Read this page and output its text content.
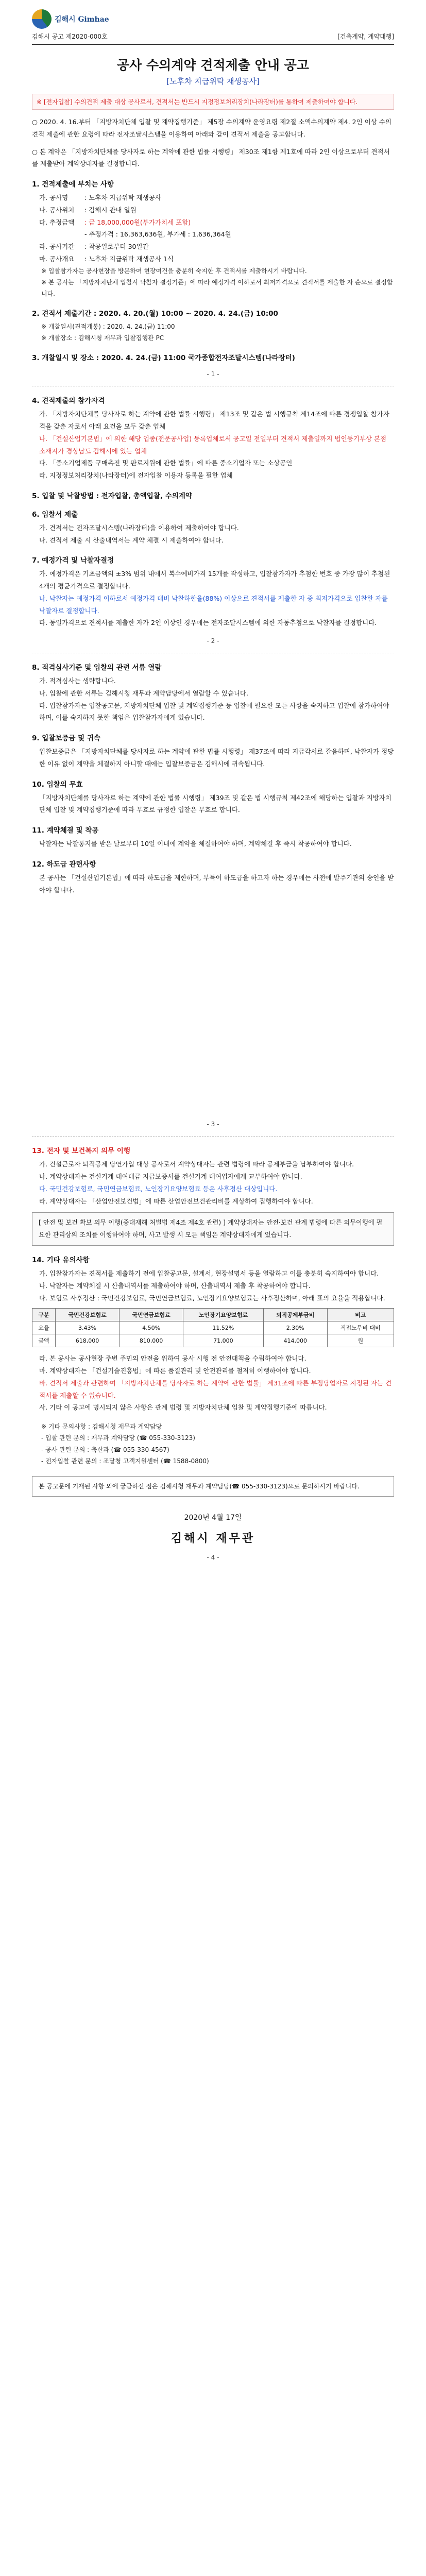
김해시 Gimhae
김해시 공고 제2020-000호	[건축계약, 계약대행]
공사 수의계약 견적제출 안내 공고
[노후차 지급위탁 재생공사]
※ [전자입찰] 수의견적 제출 대상 공사로서, 견적서는 반드시 지정정보처리장치(나라장터)를 통하여 제출하여야 합니다.
○ 2020. 4. 16.부터 「지방자치단체 입찰 및 계약집행기준」 제5장 수의계약 운영요령 제2절 소액수의계약 제4. 2인 이상 수의견적 제출에 관한 요령에 따라 전자조달시스템을 이용하여 아래와 같이 견적서 제출을 공고합니다.
○ 본 계약은 「지방자치단체를 당사자로 하는 계약에 관한 법률 시행령」 제30조 제1항 제1호에 따라 2인 이상으로부터 견적서를 제출받아 계약상대자를 결정합니다.
1. 견적제출에 부치는 사항
가. 공사명	: 노후차 지급위탁 재생공사
나. 공사위치 : 김해시 관내 일원
다. 추정금액 : 금 18,000,000원(부가가치세 포함)
- 추정가격 : 16,363,636원, 부가세 : 1,636,364원
라. 공사기간 : 착공일로부터 30일간
마. 공사개요 : 노후차 지급위탁 재생공사 1식
※ 입찰참가자는 공사현장을 방문하여 현장여건을 충분히 숙지한 후 견적서를 제출하시기 바랍니다.
※ 본 공사는 「지방자치단체 입찰시 낙찰자 결정기준」에 따라 예정가격 이하로서 최저가격으로 견적서를 제출한 자 순으로 결정합니다.
2. 견적서 제출기간 : 2020. 4. 20.(월) 10:00 ~ 2020. 4. 24.(금) 10:00
※ 개찰일시(견적개봉) : 2020. 4. 24.(금) 11:00
※ 개찰장소 : 김해시청 재무과 입찰집행관 PC
3. 개찰일시 및 장소 : 2020. 4. 24.(금) 11:00 국가종합전자조달시스템(나라장터)
- 1 -
4. 견적제출의 참가자격
가. 「지방자치단체를 당사자로 하는 계약에 관한 법률 시행령」 제13조 및 같은 법 시행규칙 제14조에 따른 경쟁입찰 참가자격을 갖춘 자로서 아래 요건을 모두 갖춘 업체
나. 「건설산업기본법」에 의한 해당 업종(전문공사업) 등록업체로서 공고일 전일부터 견적서 제출일까지 법인등기부상 본점 소재지가 경상남도 김해시에 있는 업체
다. 「중소기업제품 구매촉진 및 판로지원에 관한 법률」에 따른 중소기업자 또는 소상공인
라. 지정정보처리장치(나라장터)에 전자입찰 이용자 등록을 필한 업체
5. 입찰 및 낙찰방법 : 전자입찰, 총액입찰, 수의계약
6. 입찰서 제출
가. 견적서는 전자조달시스템(나라장터)을 이용하여 제출하여야 합니다.
나. 견적서 제출 시 산출내역서는 계약 체결 시 제출하여야 합니다.
7. 예정가격 및 낙찰자결정
가. 예정가격은 기초금액의 ±3% 범위 내에서 복수예비가격 15개를 작성하고, 입찰참가자가 추첨한 번호 중 가장 많이 추첨된 4개의 평균가격으로 결정합니다.
나. 낙찰자는 예정가격 이하로서 예정가격 대비 낙찰하한율(88%) 이상으로 견적서를 제출한 자 중 최저가격으로 입찰한 자를 낙찰자로 결정합니다.
다. 동일가격으로 견적서를 제출한 자가 2인 이상인 경우에는 전자조달시스템에 의한 자동추첨으로 낙찰자를 결정합니다.
- 2 -
8. 적격심사기준 및 입찰의 관련 서류 열람
가. 적격심사는 생략합니다.
나. 입찰에 관한 서류는 김해시청 재무과 계약담당에서 열람할 수 있습니다.
다. 입찰참가자는 입찰공고문, 지방자치단체 입찰 및 계약집행기준 등 입찰에 필요한 모든 사항을 숙지하고 입찰에 참가하여야 하며, 이를 숙지하지 못한 책임은 입찰참가자에게 있습니다.
9. 입찰보증금 및 귀속
입찰보증금은 「지방자치단체를 당사자로 하는 계약에 관한 법률 시행령」 제37조에 따라 지급각서로 갈음하며, 낙찰자가 정당한 이유 없이 계약을 체결하지 아니할 때에는 입찰보증금은 김해시에 귀속됩니다.
10. 입찰의 무효
「지방자치단체를 당사자로 하는 계약에 관한 법률 시행령」 제39조 및 같은 법 시행규칙 제42조에 해당하는 입찰과 지방자치단체 입찰 및 계약집행기준에 따라 무효로 규정한 입찰은 무효로 합니다.
11. 계약체결 및 착공
낙찰자는 낙찰통지를 받은 날로부터 10일 이내에 계약을 체결하여야 하며, 계약체결 후 즉시 착공하여야 합니다.
12. 하도급 관련사항
본 공사는 「건설산업기본법」에 따라 하도급을 제한하며, 부득이 하도급을 하고자 하는 경우에는 사전에 발주기관의 승인을 받아야 합니다.
- 3 -
13. 전자 및 보건복지 의무 이행
가. 건설근로자 퇴직공제 당연가입 대상 공사로서 계약상대자는 관련 법령에 따라 공제부금을 납부하여야 합니다.
나. 계약상대자는 건설기계 대여대금 지급보증서를 건설기계 대여업자에게 교부하여야 합니다.
다. 국민건강보험료, 국민연금보험료, 노인장기요양보험료 등은 사후정산 대상입니다.
라. 계약상대자는 「산업안전보건법」에 따른 산업안전보건관리비를 계상하여 집행하여야 합니다.
[ 안전 및 보건 확보 의무 이행(중대재해 처벌법 제4조 제4호 관련) ] 계약상대자는 안전·보건 관계 법령에 따른 의무이행에 필요한 관리상의 조치를 이행하여야 하며, 사고 발생 시 모든 책임은 계약상대자에게 있습니다.
14. 기타 유의사항
가. 입찰참가자는 견적서를 제출하기 전에 입찰공고문, 설계서, 현장설명서 등을 열람하고 이를 충분히 숙지하여야 합니다.
나. 낙찰자는 계약체결 시 산출내역서를 제출하여야 하며, 산출내역서 제출 후 착공하여야 합니다.
다. 보험료 사후정산 : 국민건강보험료, 국민연금보험료, 노인장기요양보험료는 사후정산하며, 아래 표의 요율을 적용합니다.
구분	국민건강보험료	국민연금보험료	노인장기요양보험료	퇴직공제부금비	비고
요율	3.43%	4.50%	11.52%	2.30%	직접노무비 대비
금액	618,000	810,000	71,000	414,000	원
라. 본 공사는 공사현장 주변 주민의 안전을 위하여 공사 시행 전 안전대책을 수립하여야 합니다.
마. 계약상대자는 「건설기술진흥법」에 따른 품질관리 및 안전관리를 철저히 이행하여야 합니다.
바. 견적서 제출과 관련하여 「지방자치단체를 당사자로 하는 계약에 관한 법률」 제31조에 따른 부정당업자로 지정된 자는 견적서를 제출할 수 없습니다.
사. 기타 이 공고에 명시되지 않은 사항은 관계 법령 및 지방자치단체 입찰 및 계약집행기준에 따릅니다.
※ 기타 문의사항 : 김해시청 재무과 계약담당
- 입찰 관련 문의 : 재무과 계약담당 (☎ 055-330-3123)
- 공사 관련 문의 : 축산과 (☎ 055-330-4567)
- 전자입찰 관련 문의 : 조달청 고객지원센터 (☎ 1588-0800)
본 공고문에 기재된 사항 외에 궁금하신 점은 김해시청 재무과 계약담당(☎ 055-330-3123)으로 문의하시기 바랍니다.
2020년 4월 17일
김해시 재무관
- 4 -
